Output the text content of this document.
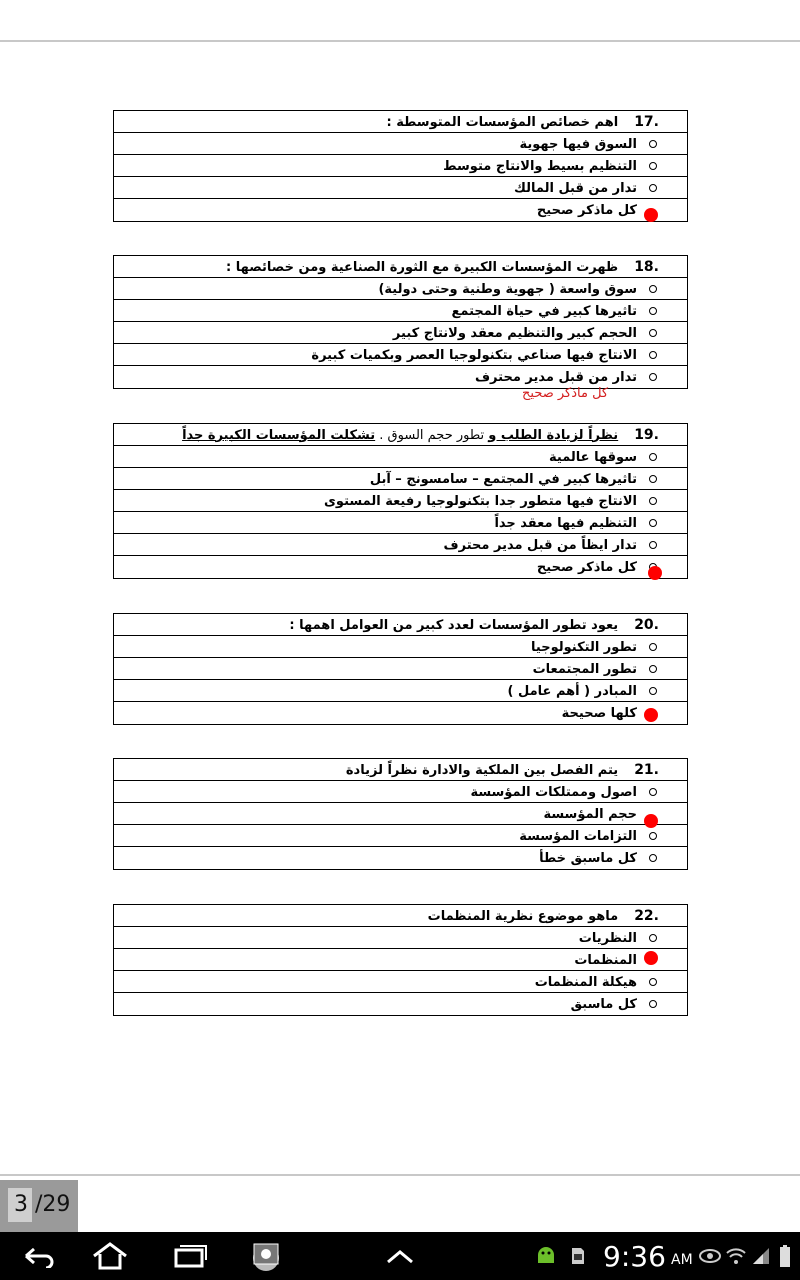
17.
اهم خصائص المؤسسات المتوسطة :
السوق فيها جهوية
التنظيم بسيط والانتاج متوسط
تدار من قبل المالك
كل ماذكر صحيح
18.
ظهرت المؤسسات الكبيرة مع الثورة الصناعية ومن خصائصها :
سوق واسعة ( جهوية وطنية وحتى دولية)
تاثيرها كبير في حياة المجتمع
الحجم كبير والتنظيم معقد ولانتاج كبير
الانتاج فيها صناعي بتكنولوجيا العصر وبكميات كبيرة
تدار من قبل مدير محترف
كل ماذكر صحيح
19.
نظراً لزيادة الطلب و تطور حجم السوق . تشكلت المؤسسات الكبيرة جداً
سوقها عالمية
تاثيرها كبير في المجتمع – سامسونج – آبل
الانتاج فيها متطور جدا بتكنولوجيا رفيعة المستوى
التنظيم فيها معقد جداً
تدار ايظاً من قبل مدير محترف
كل ماذكر صحيح
20.
يعود تطور المؤسسات لعدد كبير من العوامل اهمها :
تطور التكنولوجيا
تطور المجتمعات
المبادر ( أهم عامل )
كلها صحيحة
21.
يتم الفصل بين الملكية والادارة نظراً لزيادة
اصول وممتلكات المؤسسة
حجم المؤسسة
التزامات المؤسسة
كل ماسبق خطأ
22.
ماهو موضوع نظرية المنظمات
النظريات
المنظمات
هيكلة المنظمات
كل ماسبق
3 /29
9:36 AM
